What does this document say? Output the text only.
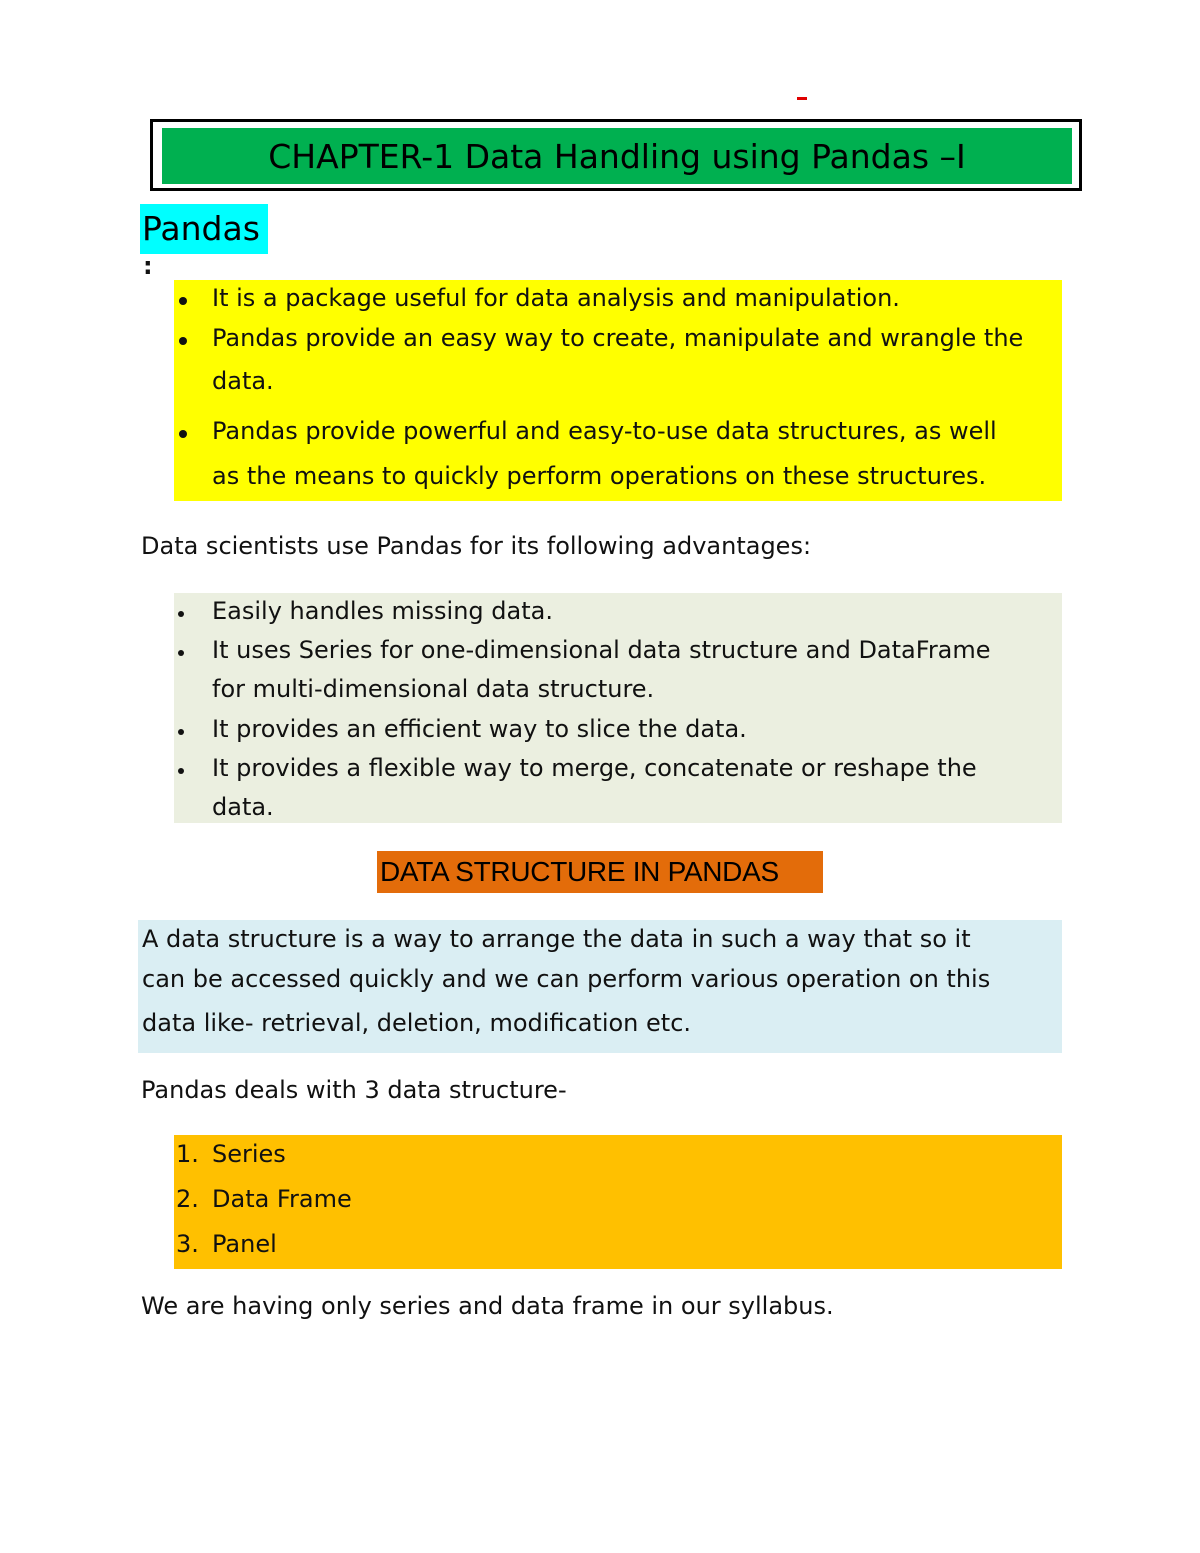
CHAPTER-1 Data Handling using Pandas –I
Pandas
:
It is a package useful for data analysis and manipulation.
Pandas provide an easy way to create, manipulate and wrangle the
data.
Pandas provide powerful and easy-to-use data structures, as well
as the means to quickly perform operations on these structures.
Data scientists use Pandas for its following advantages:
Easily handles missing data.
It uses Series for one-dimensional data structure and DataFrame
for multi-dimensional data structure.
It provides an efficient way to slice the data.
It provides a flexible way to merge, concatenate or reshape the
data.
DATA STRUCTURE IN PANDAS
A data structure is a way to arrange the data in such a way that so it
can be accessed quickly and we can perform various operation on this
data like- retrieval, deletion, modification etc.
Pandas deals with 3 data structure-
1. Series
2. Data Frame
3. Panel
We are having only series and data frame in our syllabus.
